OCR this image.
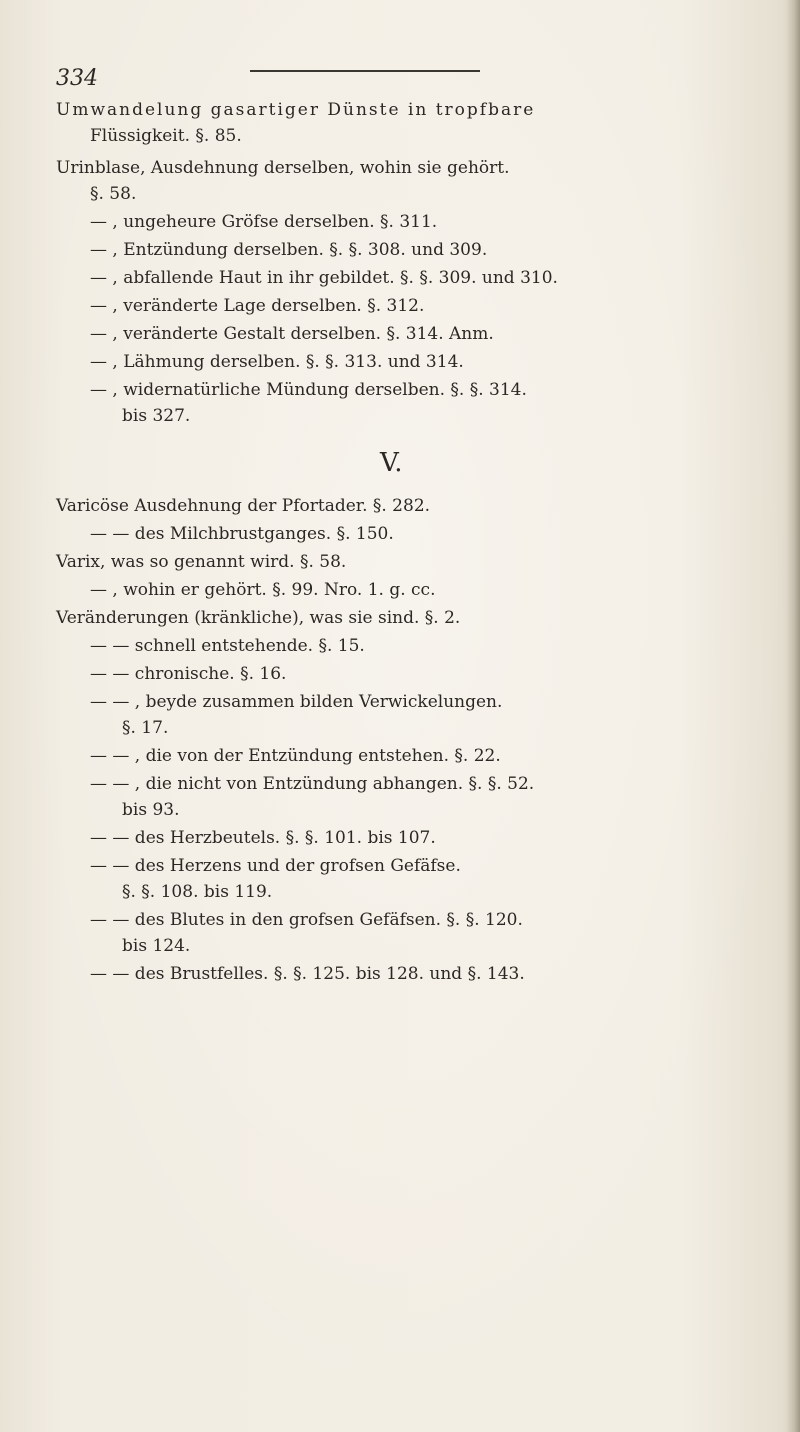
334
Umwandelung gasartiger Dünste in tropfbare
Flüssigkeit. §. 85.
Urinblase, Ausdehnung derselben, wohin sie gehört.
§. 58.
— , ungeheure Gröfse derselben. §. 311.
— , Entzündung derselben. §. §. 308. und 309.
— , abfallende Haut in ihr gebildet. §. §. 309. und 310.
— , veränderte Lage derselben. §. 312.
— , veränderte Gestalt derselben. §. 314. Anm.
— , Lähmung derselben. §. §. 313. und 314.
— , widernatürliche Mündung derselben. §. §. 314.
bis 327.
V.
Varicöse Ausdehnung der Pfortader. §. 282.
— — des Milchbrustganges. §. 150.
Varix, was so genannt wird. §. 58.
— , wohin er gehört. §. 99. Nro. 1. g. cc.
Veränderungen (kränkliche), was sie sind. §. 2.
— — schnell entstehende. §. 15.
— — chronische. §. 16.
— — , beyde zusammen bilden Verwickelungen.
§. 17.
— — , die von der Entzündung entstehen. §. 22.
— — , die nicht von Entzündung abhangen. §. §. 52.
bis 93.
— — des Herzbeutels. §. §. 101. bis 107.
— — des Herzens und der grofsen Gefäfse.
§. §. 108. bis 119.
— — des Blutes in den grofsen Gefäfsen. §. §. 120.
bis 124.
— — des Brustfelles. §. §. 125. bis 128. und §. 143.
